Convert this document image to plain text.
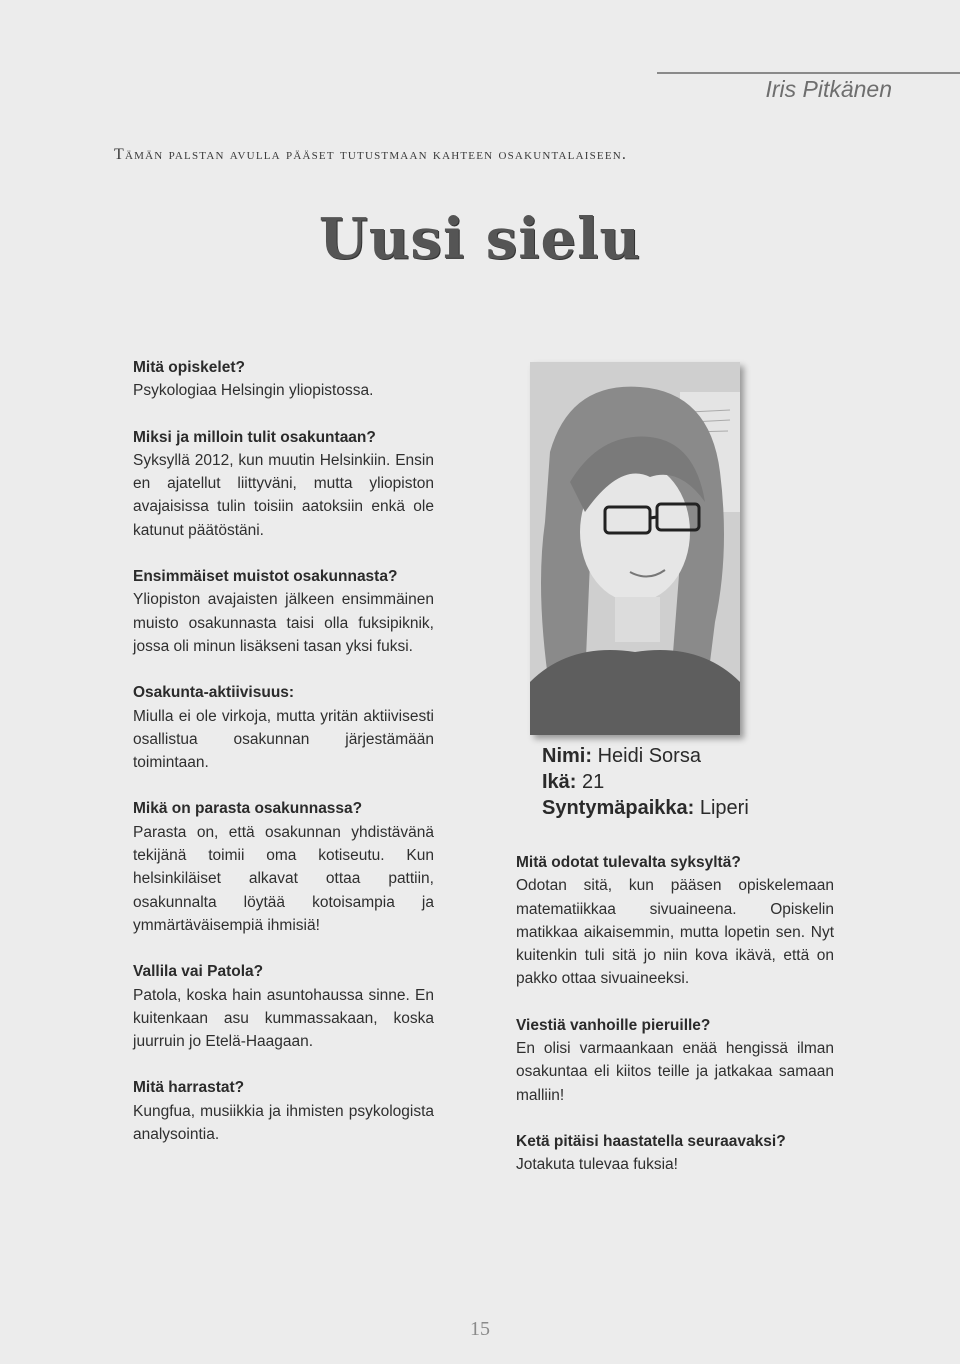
Iris Pitkänen
Tämän palstan avulla pääset tutustmaan kahteen osakuntalaiseen.
Uusi sielu
Mitä opiskelet?
Psykologiaa Helsingin yliopistossa.
Miksi ja milloin tulit osakuntaan?
Syksyllä 2012, kun muutin Helsinkiin. Ensin en ajatellut liittyväni, mutta yliopiston avajaisissa tulin toisiin aatoksiin enkä ole katunut päätöstäni.
Ensimmäiset muistot osakunnasta?
Yliopiston avajaisten jälkeen ensimmäinen muisto osakunnasta taisi olla fuksipiknik, jossa oli minun lisäkseni tasan yksi fuksi.
Osakunta-aktiivisuus:
Miulla ei ole virkoja, mutta yritän aktiivisesti osallistua osakunnan järjestämään toimintaan.
Mikä on parasta osakunnassa?
Parasta on, että osakunnan yhdistävänä tekijänä toimii oma kotiseutu. Kun helsinkiläiset alkavat ottaa pattiin, osakunnalta löytää kotoisampia ja ymmärtäväisempiä ihmisiä!
Vallila vai Patola?
Patola, koska hain asuntohaussa sinne. En kuitenkaan asu kummassakaan, koska juurruin jo Etelä-Haagaan.
Mitä harrastat?
Kungfua, musiikkia ja ihmisten psykologista analysointia.
Nimi: Heidi Sorsa
Ikä: 21
Syntymäpaikka: Liperi
Mitä odotat tulevalta syksyltä?
Odotan sitä, kun pääsen opiskelemaan matematiikkaa sivuaineena. Opiskelin matikkaa aikaisemmin, mutta lopetin sen. Nyt kuitenkin tuli sitä jo niin kova ikävä, että on pakko ottaa sivuaineeksi.
Viestiä vanhoille pieruille?
En olisi varmaankaan enää hengissä ilman osakuntaa eli kiitos teille ja jatkakaa samaan malliin!
Ketä pitäisi haastatella seuraavaksi?
Jotakuta tulevaa fuksia!
15
